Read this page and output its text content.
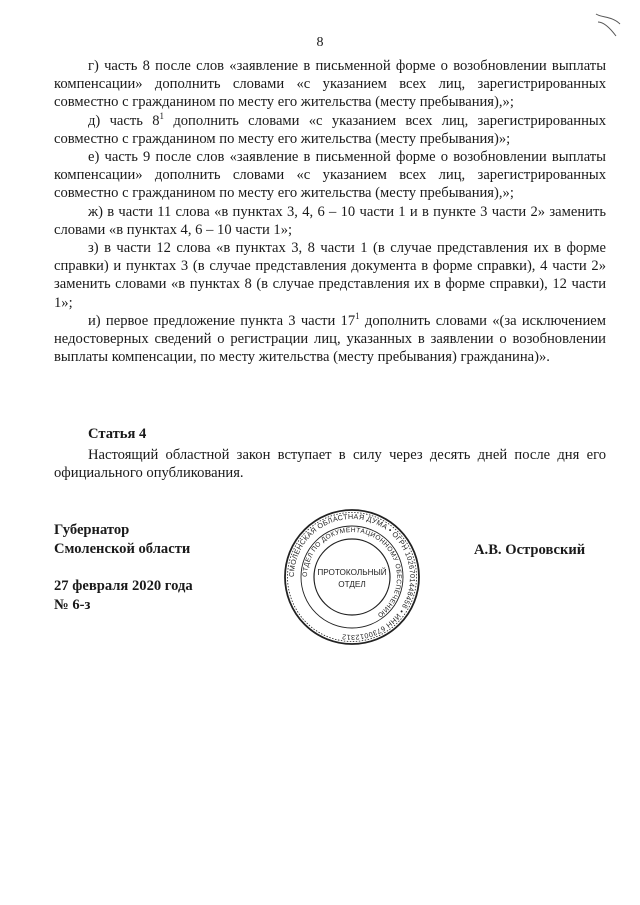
8

г) часть 8 после слов «заявление в письменной форме о возобновлении выплаты компенсации» дополнить словами «с указанием всех лиц, зарегистрированных совместно с гражданином по месту его жительства (месту пребывания),»;

д) часть $8^1$ дополнить словами «с указанием всех лиц, зарегистрированных совместно с гражданином по месту его жительства (месту пребывания)»;

е) часть 9 после слов «заявление в письменной форме о возобновлении выплаты компенсации» дополнить словами «с указанием всех лиц, зарегистрированных совместно с гражданином по месту его жительства (месту пребывания),»;

ж) в части 11 слова «в пунктах 3, 4, 6 – 10 части 1 и в пункте 3 части 2» заменить словами «в пунктах 4, 6 – 10 части 1»;

з) в части 12 слова «в пунктах 3, 8 части 1 (в случае представления их в форме справки) и пунктах 3 (в случае представления документа в форме справки), 4 части 2» заменить словами «в пунктах 8 (в случае представления их в форме справки), 12 части 1»;

и) первое предложение пункта 3 части $17^1$ дополнить словами «(за исключением недостоверных сведений о регистрации лиц, указанных в заявлении о возобновлении выплаты компенсации, по месту жительства (месту пребывания) гражданина)».

Статья 4
Настоящий областной закон вступает в силу через десять дней после дня его официального опубликования.
Губернатор
Смоленской области
27 февраля 2020 года
№ 6-з
А.В. Островский
СМОЛЕНСКАЯ ОБЛАСТНАЯ ДУМА • ОГРН 1026701448458 • ИНН 6730012312
ОТДЕЛ ПО ДОКУМЕНТАЦИОННОМУ ОБЕСПЕЧЕНИЮ
ПРОТОКОЛЬНЫЙ
ОТДЕЛ
